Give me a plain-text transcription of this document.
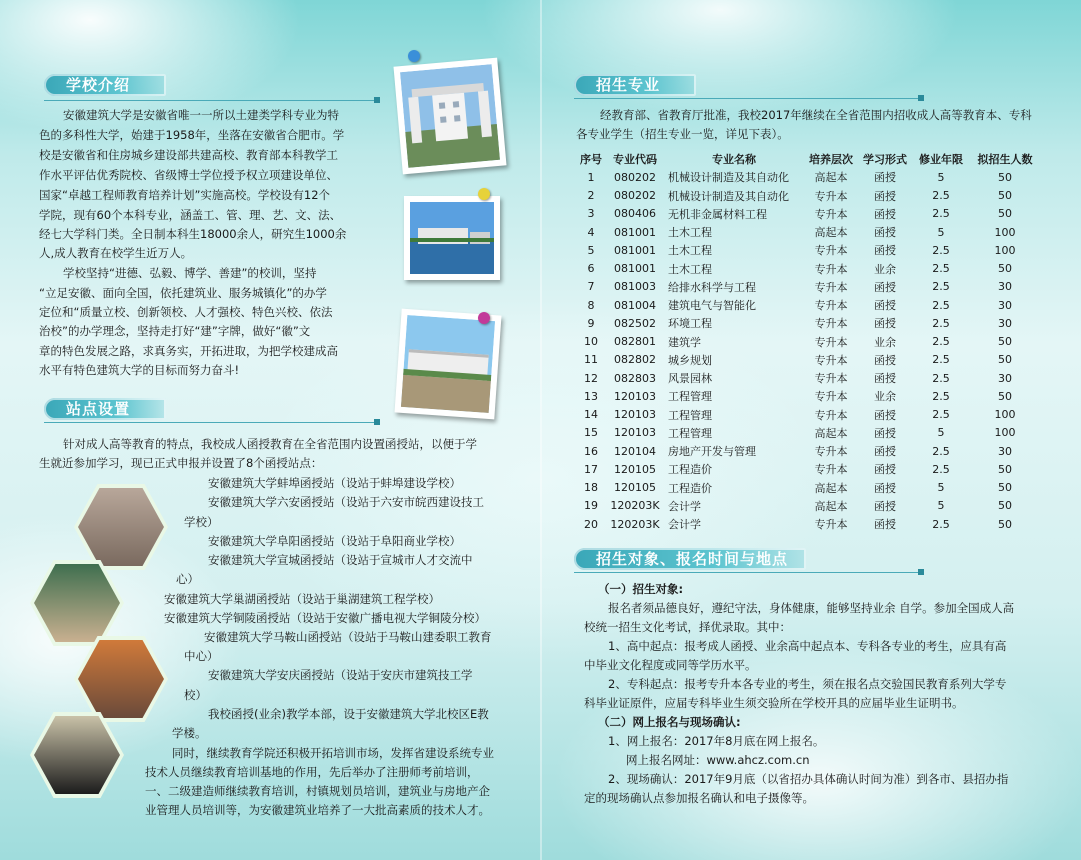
学校介绍
安徽建筑大学是安徽省唯一一所以土建类学科专业为特
色的多科性大学，始建于1958年，坐落在安徽省合肥市。学
校是安徽省和住房城乡建设部共建高校、教育部本科教学工
作水平评估优秀院校、省级博士学位授予权立项建设单位、
国家“卓越工程师教育培养计划”实施高校。学校设有12个
学院，现有60个本科专业，涵盖工、管、理、艺、文、法、
经七大学科门类。全日制本科生18000余人，研究生1000余
人,成人教育在校学生近万人。
学校坚持“进德、弘毅、博学、善建”的校训，坚持
“立足安徽、面向全国，依托建筑业、服务城镇化”的办学
定位和“质量立校、创新领校、人才强校、特色兴校、依法
治校”的办学理念，坚持走打好“建”字牌，做好“徽”文
章的特色发展之路，求真务实，开拓进取，为把学校建成高
水平有特色建筑大学的目标而努力奋斗!
站点设置
针对成人高等教育的特点，我校成人函授教育在全省范围内设置函授站，以便于学
生就近参加学习，现已正式申报并设置了8个函授站点：
安徽建筑大学蚌埠函授站（设站于蚌埠建设学校）
安徽建筑大学六安函授站（设站于六安市皖西建设技工
学校）
安徽建筑大学阜阳函授站（设站于阜阳商业学校）
安徽建筑大学宣城函授站（设站于宣城市人才交流中
心）
安徽建筑大学巢湖函授站（设站于巢湖建筑工程学校）
安徽建筑大学铜陵函授站（设站于安徽广播电视大学铜陵分校）
安徽建筑大学马鞍山函授站（设站于马鞍山建委职工教育
中心）
安徽建筑大学安庆函授站（设站于安庆市建筑技工学
校）
我校函授(业余)教学本部，设于安徽建筑大学北校区E教
学楼。
同时，继续教育学院还积极开拓培训市场，发挥省建设系统专业
技术人员继续教育培训基地的作用，先后举办了注册师考前培训，
一、二级建造师继续教育培训，村镇规划员培训，建筑业与房地产企
业管理人员培训等，为安徽建筑业培养了一大批高素质的技术人才。
招生专业
经教育部、省教育厅批准，我校2017年继续在全省范围内招收成人高等教育本、专科
各专业学生（招生专业一览，详见下表）。
序号	专业代码	专业名称	培养层次	学习形式	修业年限	拟招生人数
1	080202	机械设计制造及其自动化	高起本	函授	5	50
2	080202	机械设计制造及其自动化	专升本	函授	2.5	50
3	080406	无机非金属材料工程	专升本	函授	2.5	50
4	081001	土木工程	高起本	函授	5	100
5	081001	土木工程	专升本	函授	2.5	100
6	081001	土木工程	专升本	业余	2.5	50
7	081003	给排水科学与工程	专升本	函授	2.5	30
8	081004	建筑电气与智能化	专升本	函授	2.5	30
9	082502	环境工程	专升本	函授	2.5	30
10	082801	建筑学	专升本	业余	2.5	50
11	082802	城乡规划	专升本	函授	2.5	50
12	082803	风景园林	专升本	函授	2.5	30
13	120103	工程管理	专升本	业余	2.5	50
14	120103	工程管理	专升本	函授	2.5	100
15	120103	工程管理	高起本	函授	5	100
16	120104	房地产开发与管理	专升本	函授	2.5	30
17	120105	工程造价	专升本	函授	2.5	50
18	120105	工程造价	高起本	函授	5	50
19	120203K	会计学	高起本	函授	5	50
20	120203K	会计学	专升本	函授	2.5	50
招生对象、报名时间与地点
（一）招生对象:
报名者须品德良好，遵纪守法，身体健康，能够坚持业余 自学。参加全国成人高
校统一招生文化考试，择优录取。其中：
1、高中起点：报考成人函授、业余高中起点本、专科各专业的考生，应具有高
中毕业文化程度或同等学历水平。
2、专科起点：报考专升本各专业的考生，须在报名点交验国民教育系列大学专
科毕业证原件，应届专科毕业生须交验所在学校开具的应届毕业生证明书。
（二）网上报名与现场确认:
1、网上报名：2017年8月底在网上报名。
网上报名网址：www.ahcz.com.cn
2、现场确认：2017年9月底（以省招办具体确认时间为准）到各市、县招办指
定的现场确认点参加报名确认和电子摄像等。
